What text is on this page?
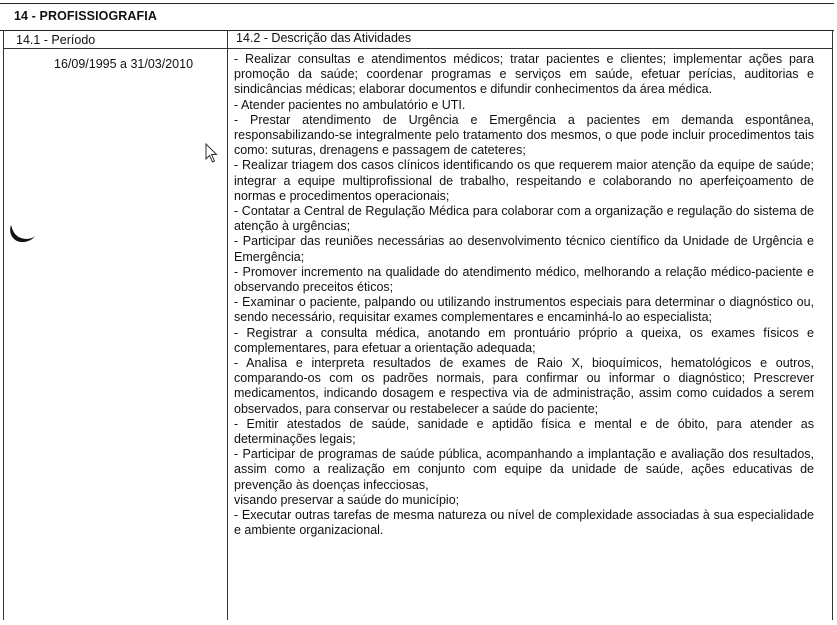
14 - PROFISSIOGRAFIA
14.1 - Período	14.2 - Descrição das Atividades
16/09/1995 a 31/03/2010	- Realizar consultas e atendimentos médicos; tratar pacientes e clientes; implementar ações para promoção da saúde; coordenar programas e serviços em saúde, efetuar perícias, auditorias e sindicâncias médicas; elaborar documentos e difundir conhecimentos da área médica.

- Atender pacientes no ambulatório e UTI.

- Prestar atendimento de Urgência e Emergência a pacientes em demanda espontânea, responsabilizando-se integralmente pelo tratamento dos mesmos, o que pode incluir procedimentos tais como: suturas, drenagens e passagem de cateteres;

- Realizar triagem dos casos clínicos identificando os que requerem maior atenção da equipe de saúde; integrar a equipe multiprofissional de trabalho, respeitando e colaborando no aperfeiçoamento de normas e procedimentos operacionais;

- Contatar a Central de Regulação Médica para colaborar com a organização e regulação do sistema de atenção à urgências;

- Participar das reuniões necessárias ao desenvolvimento técnico científico da Unidade de Urgência e Emergência;

- Promover incremento na qualidade do atendimento médico, melhorando a relação médico-paciente e observando preceitos éticos;

- Examinar o paciente, palpando ou utilizando instrumentos especiais para determinar o diagnóstico ou, sendo necessário, requisitar exames complementares e encaminhá-lo ao especialista;

- Registrar a consulta médica, anotando em prontuário próprio a queixa, os exames físicos e complementares, para efetuar a orientação adequada;

- Analisa e interpreta resultados de exames de Raio X, bioquímicos, hematológicos e outros, comparando-os com os padrões normais, para confirmar ou informar o diagnóstico; Prescrever medicamentos, indicando dosagem e respectiva via de administração, assim como cuidados a serem observados, para conservar ou restabelecer a saúde do paciente;

- Emitir atestados de saúde, sanidade e aptidão física e mental e de óbito, para atender as determinações legais;

- Participar de programas de saúde pública, acompanhando a implantação e avaliação dos resultados, assim como a realização em conjunto com equipe da unidade de saúde, ações educativas de prevenção às doenças infecciosas,

visando preservar a saúde do município;

- Executar outras tarefas de mesma natureza ou nível de complexidade associadas à sua especialidade e ambiente organizacional.
